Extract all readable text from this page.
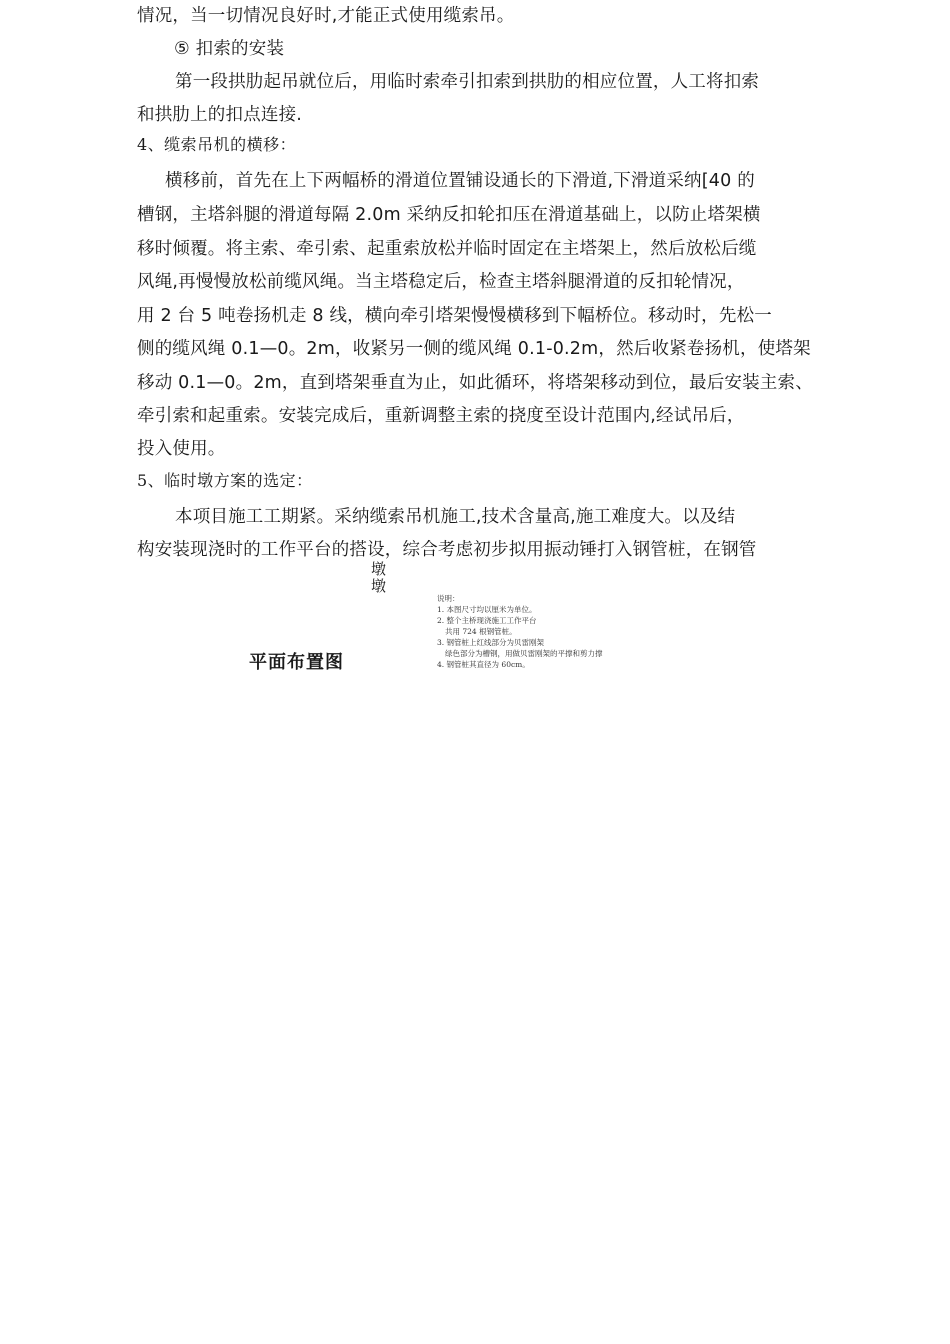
情况，当一切情况良好时,才能正式使用缆索吊。
⑤ 扣索的安装
第一段拱肋起吊就位后，用临时索牵引扣索到拱肋的相应位置，人工将扣索
和拱肋上的扣点连接.
4、缆索吊机的横移：
横移前，首先在上下两幅桥的滑道位置铺设通长的下滑道,下滑道采纳[40 的
槽钢，主塔斜腿的滑道每隔 2.0m 采纳反扣轮扣压在滑道基础上，以防止塔架横
移时倾覆。将主索、牵引索、起重索放松并临时固定在主塔架上，然后放松后缆
风绳,再慢慢放松前缆风绳。当主塔稳定后，检查主塔斜腿滑道的反扣轮情况，
用 2 台 5 吨卷扬机走 8 线，横向牵引塔架慢慢横移到下幅桥位。移动时，先松一
侧的缆风绳 0.1—0。2m，收紧另一侧的缆风绳 0.1-0.2m，然后收紧卷扬机，使塔架
移动 0.1—0。2m，直到塔架垂直为止，如此循环，将塔架移动到位，最后安装主索、
牵引索和起重索。安装完成后，重新调整主索的挠度至设计范围内,经试吊后，
投入使用。
5、临时墩方案的选定：
本项目施工工期紧。采纳缆索吊机施工,技术含量高,施工难度大。以及结
构安装现浇时的工作平台的搭设，综合考虑初步拟用振动锤打入钢管桩，在钢管
墩
墩
平面布置图
说明：
1. 本图尺寸均以厘米为单位。
2. 整个主桥现浇施工工作平台
共用 724 根钢管桩。
3. 钢管桩上红线部分为贝雷刚架
绿色部分为槽钢，用做贝雷刚架的平撑和剪力撑
4. 钢管桩其直径为 60cm。
